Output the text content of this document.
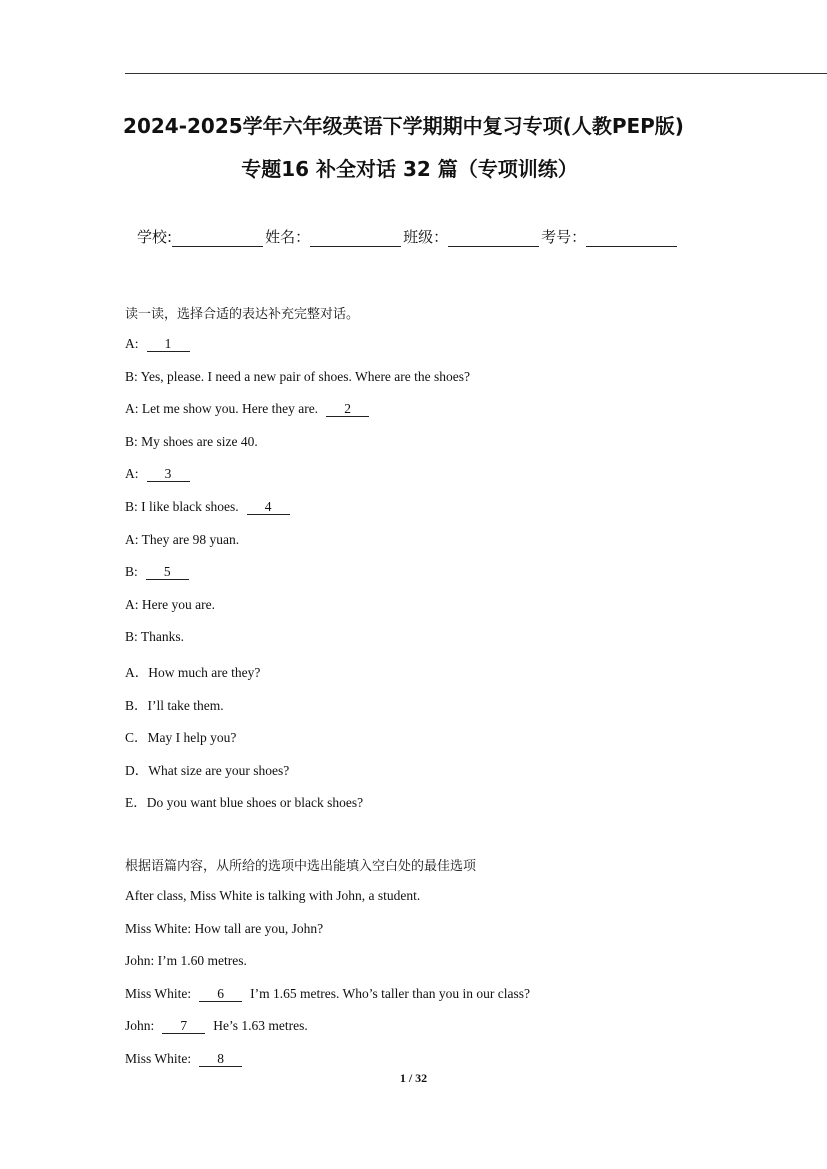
2024-2025学年六年级英语下学期期中复习专项(人教PEP版)
专题16 补全对话 32 篇（专项训练）
学校:	姓名：	班级：	考号：
读一读，选择合适的表达补充完整对话。
A: 1
B: Yes, please. I need a new pair of shoes. Where are the shoes?
A: Let me show you. Here they are. 2
B: My shoes are size 40.
A: 3
B: I like black shoes. 4
A: They are 98 yuan.
B: 5
A: Here you are.
B: Thanks.
A．How much are they?
B．I’ll take them.
C．May I help you?
D．What size are your shoes?
E．Do you want blue shoes or black shoes?
根据语篇内容，从所给的选项中选出能填入空白处的最佳选项
After class, Miss White is talking with John, a student.
Miss White: How tall are you, John?
John: I’m 1.60 metres.
Miss White: 6 I’m 1.65 metres. Who’s taller than you in our class?
John: 7 He’s 1.63 metres.
Miss White: 8
1 / 32
